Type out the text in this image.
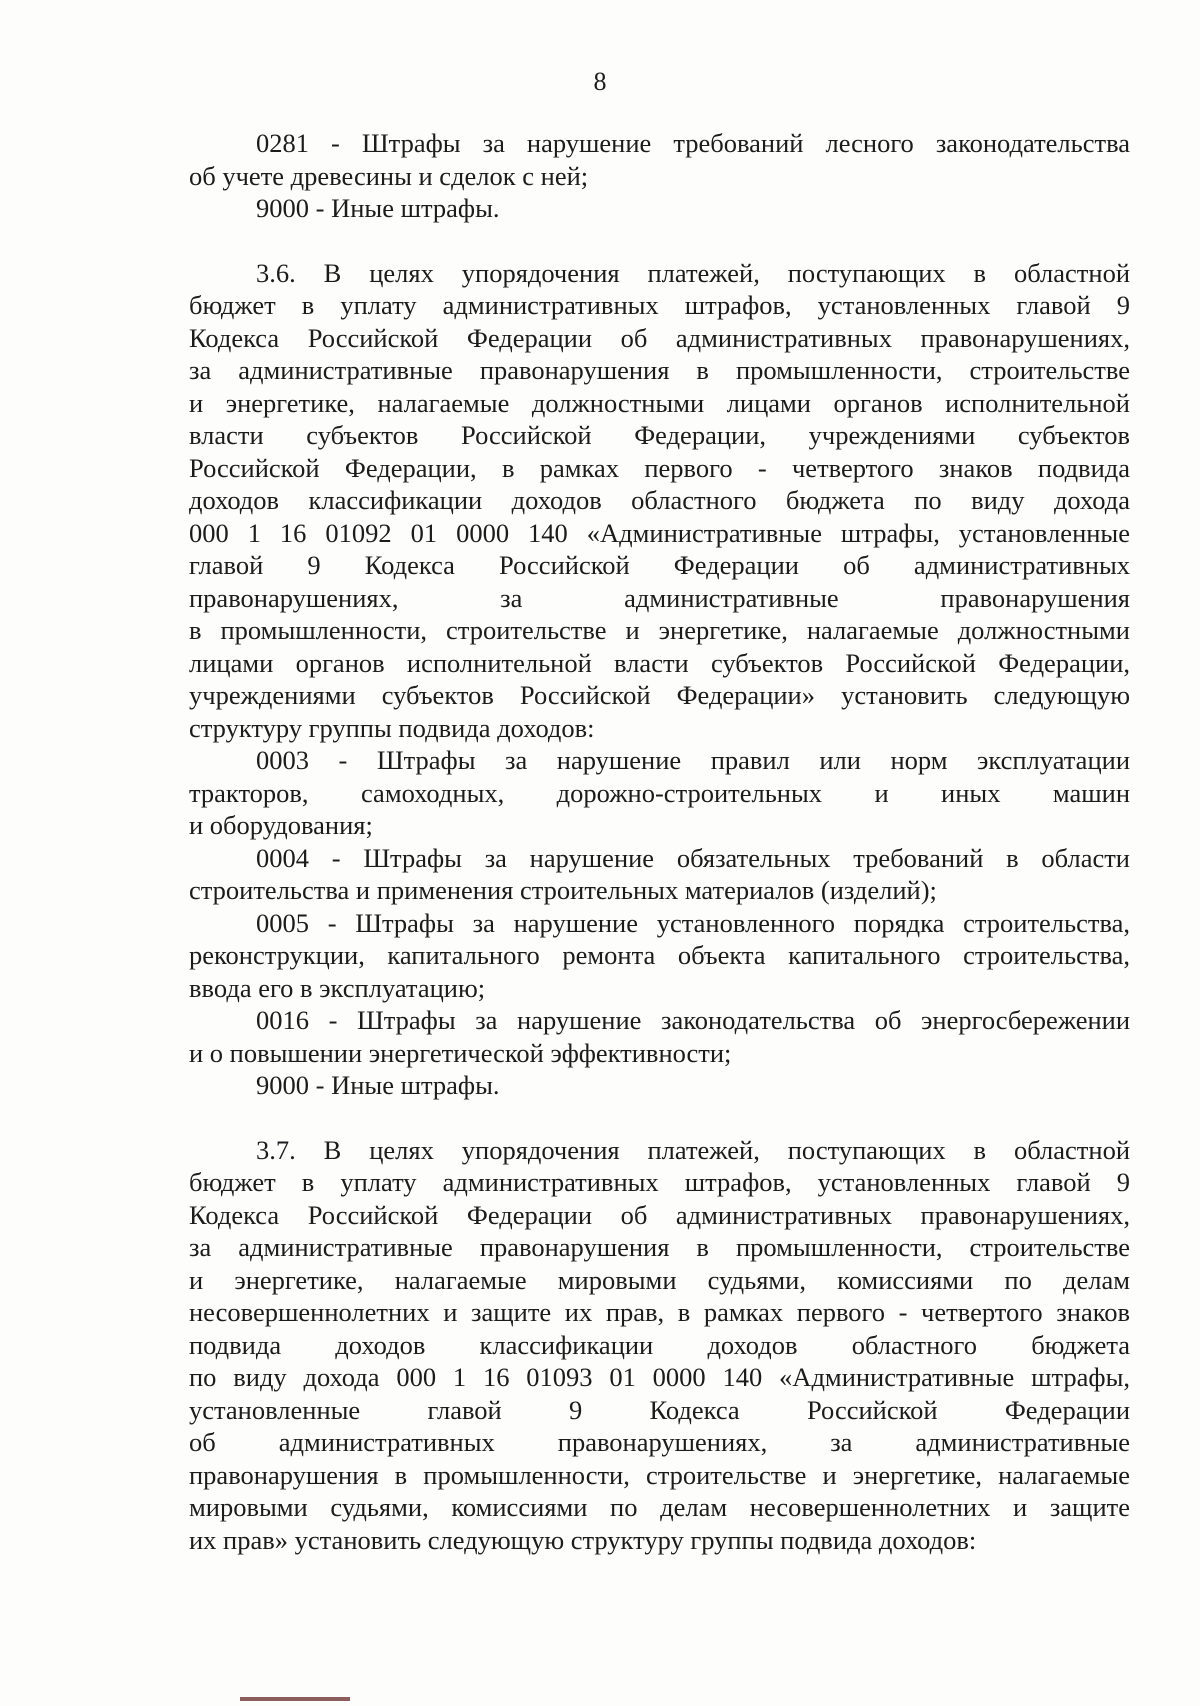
8
0281 - Штрафы за нарушение требований лесного законодательства
об учете древесины и сделок с ней;
9000 - Иные штрафы.
3.6. В целях упорядочения платежей, поступающих в областной
бюджет в уплату административных штрафов, установленных главой 9
Кодекса Российской Федерации об административных правонарушениях,
за административные правонарушения в промышленности, строительстве
и энергетике, налагаемые должностными лицами органов исполнительной
власти субъектов Российской Федерации, учреждениями субъектов
Российской Федерации, в рамках первого - четвертого знаков подвида
доходов классификации доходов областного бюджета по виду дохода
000 1 16 01092 01 0000 140 «Административные штрафы, установленные
главой 9 Кодекса Российской Федерации об административных
правонарушениях, за административные правонарушения
в промышленности, строительстве и энергетике, налагаемые должностными
лицами органов исполнительной власти субъектов Российской Федерации,
учреждениями субъектов Российской Федерации» установить следующую
структуру группы подвида доходов:
0003 - Штрафы за нарушение правил или норм эксплуатации
тракторов, самоходных, дорожно-строительных и иных машин
и оборудования;
0004 - Штрафы за нарушение обязательных требований в области
строительства и применения строительных материалов (изделий);
0005 - Штрафы за нарушение установленного порядка строительства,
реконструкции, капитального ремонта объекта капитального строительства,
ввода его в эксплуатацию;
0016 - Штрафы за нарушение законодательства об энергосбережении
и о повышении энергетической эффективности;
9000 - Иные штрафы.
3.7. В целях упорядочения платежей, поступающих в областной
бюджет в уплату административных штрафов, установленных главой 9
Кодекса Российской Федерации об административных правонарушениях,
за административные правонарушения в промышленности, строительстве
и энергетике, налагаемые мировыми судьями, комиссиями по делам
несовершеннолетних и защите их прав, в рамках первого - четвертого знаков
подвида доходов классификации доходов областного бюджета
по виду дохода 000 1 16 01093 01 0000 140 «Административные штрафы,
установленные главой 9 Кодекса Российской Федерации
об административных правонарушениях, за административные
правонарушения в промышленности, строительстве и энергетике, налагаемые
мировыми судьями, комиссиями по делам несовершеннолетних и защите
их прав» установить следующую структуру группы подвида доходов:
